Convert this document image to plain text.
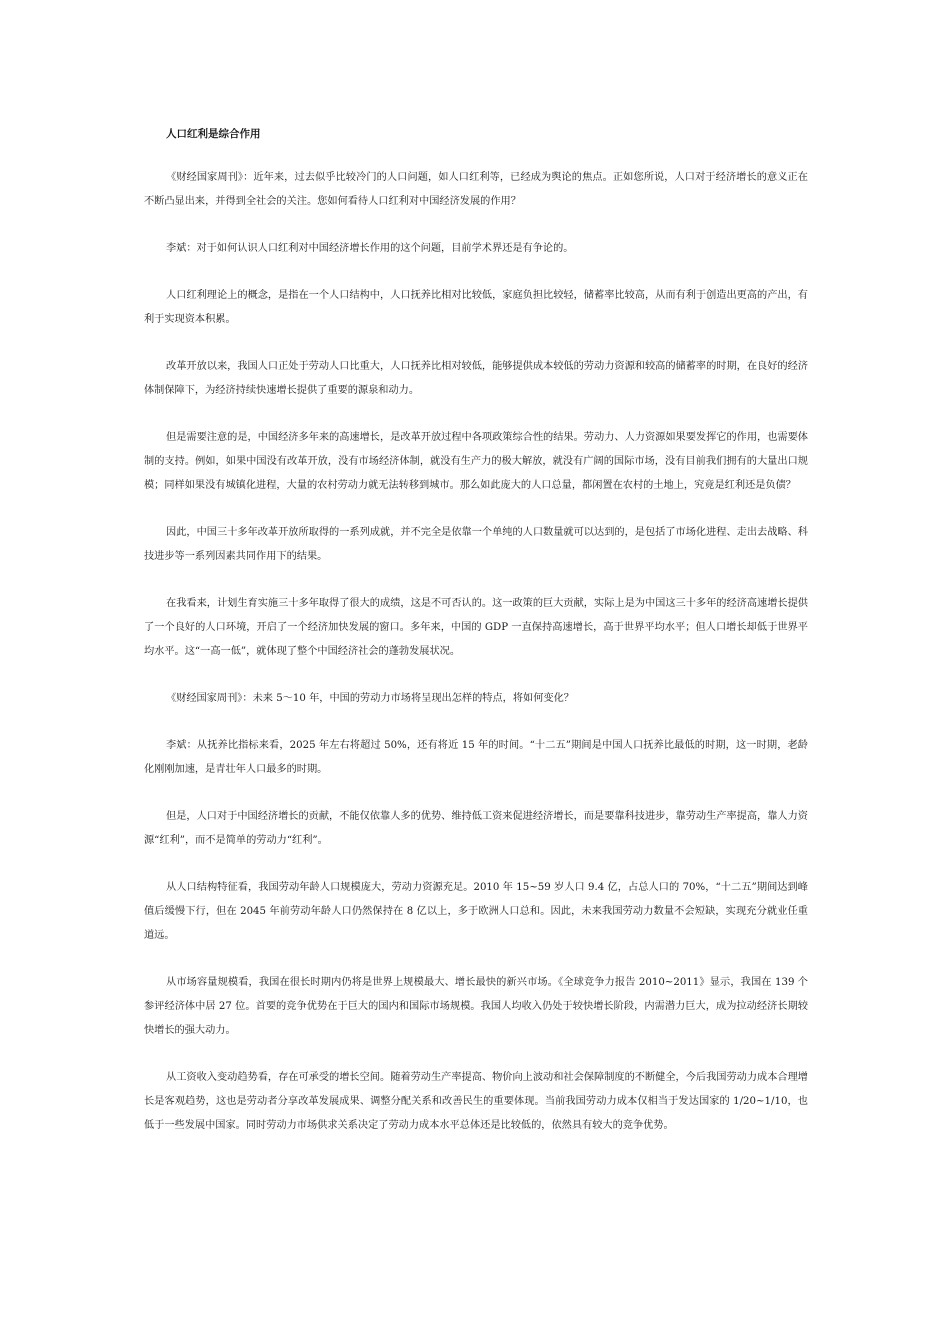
人口红利是综合作用

《财经国家周刊》：近年来，过去似乎比较冷门的人口问题，如人口红利等，已经成为舆论的焦点。正如您所说，人口对于经济增长的意义正在不断凸显出来，并得到全社会的关注。您如何看待人口红利对中国经济发展的作用？

李斌：对于如何认识人口红利对中国经济增长作用的这个问题，目前学术界还是有争论的。

人口红利理论上的概念，是指在一个人口结构中，人口抚养比相对比较低，家庭负担比较轻，储蓄率比较高，从而有利于创造出更高的产出，有利于实现资本积累。

改革开放以来，我国人口正处于劳动人口比重大，人口抚养比相对较低，能够提供成本较低的劳动力资源和较高的储蓄率的时期，在良好的经济体制保障下，为经济持续快速增长提供了重要的源泉和动力。

但是需要注意的是，中国经济多年来的高速增长，是改革开放过程中各项政策综合性的结果。劳动力、人力资源如果要发挥它的作用，也需要体制的支持。例如，如果中国没有改革开放，没有市场经济体制，就没有生产力的极大解放，就没有广阔的国际市场，没有目前我们拥有的大量出口规模；同样如果没有城镇化进程，大量的农村劳动力就无法转移到城市。那么如此庞大的人口总量，都闲置在农村的土地上，究竟是红利还是负债？

因此，中国三十多年改革开放所取得的一系列成就，并不完全是依靠一个单纯的人口数量就可以达到的，是包括了市场化进程、走出去战略、科技进步等一系列因素共同作用下的结果。

在我看来，计划生育实施三十多年取得了很大的成绩，这是不可否认的。这一政策的巨大贡献，实际上是为中国这三十多年的经济高速增长提供了一个良好的人口环境，开启了一个经济加快发展的窗口。多年来，中国的 GDP 一直保持高速增长，高于世界平均水平；但人口增长却低于世界平均水平。这“一高一低”，就体现了整个中国经济社会的蓬勃发展状况。

《财经国家周刊》：未来 5～10 年，中国的劳动力市场将呈现出怎样的特点，将如何变化？

李斌：从抚养比指标来看，2025 年左右将超过 50%，还有将近 15 年的时间。“十二五”期间是中国人口抚养比最低的时期，这一时期，老龄化刚刚加速，是青壮年人口最多的时期。

但是，人口对于中国经济增长的贡献，不能仅依靠人多的优势、维持低工资来促进经济增长，而是要靠科技进步，靠劳动生产率提高，靠人力资源“红利”，而不是简单的劳动力“红利”。

从人口结构特征看，我国劳动年龄人口规模庞大，劳动力资源充足。2010 年 15~59 岁人口 9.4 亿，占总人口的 70%，“十二五”期间达到峰值后缓慢下行，但在 2045 年前劳动年龄人口仍然保持在 8 亿以上，多于欧洲人口总和。因此，未来我国劳动力数量不会短缺，实现充分就业任重道远。

从市场容量规模看，我国在很长时期内仍将是世界上规模最大、增长最快的新兴市场。《全球竞争力报告 2010~2011》显示，我国在 139 个参评经济体中居 27 位。首要的竞争优势在于巨大的国内和国际市场规模。我国人均收入仍处于较快增长阶段，内需潜力巨大，成为拉动经济长期较快增长的强大动力。

从工资收入变动趋势看，存在可承受的增长空间。随着劳动生产率提高、物价向上波动和社会保障制度的不断健全，今后我国劳动力成本合理增长是客观趋势，这也是劳动者分享改革发展成果、调整分配关系和改善民生的重要体现。当前我国劳动力成本仅相当于发达国家的 1/20~1/10，也低于一些发展中国家。同时劳动力市场供求关系决定了劳动力成本水平总体还是比较低的，依然具有较大的竞争优势。
